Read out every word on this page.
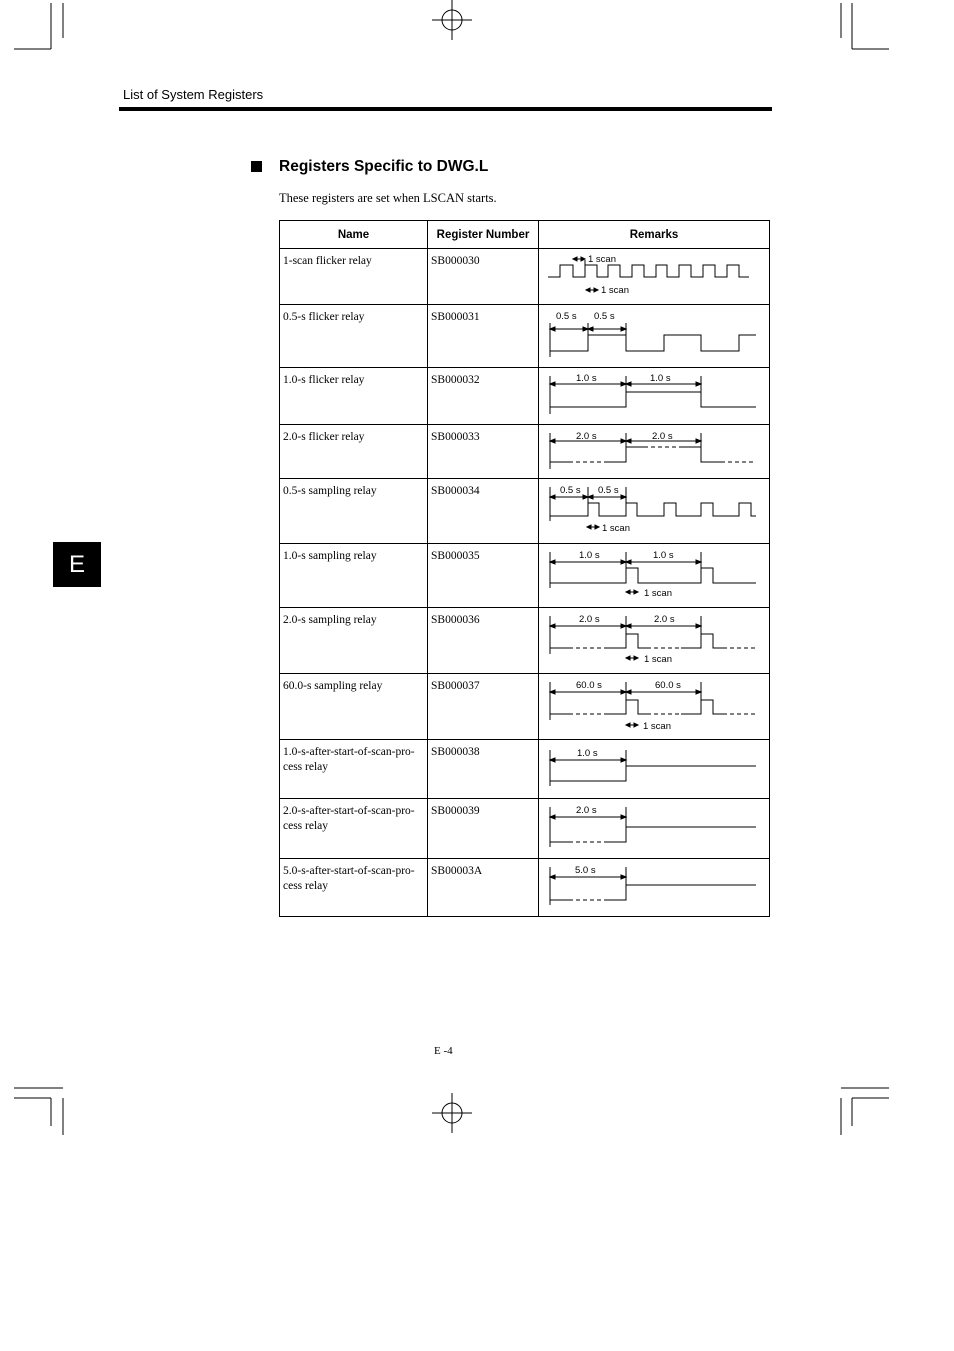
List of System Registers
Registers Specific to DWG.L
These registers are set when LSCAN starts.
E
Name	Register Number	Remarks
1-scan flicker relay	SB000030	1 scan
1 scan

0.5-s flicker relay	SB000031	0.5 s 0.5 s

1.0-s flicker relay	SB000032	1.0 s 1.0 s

2.0-s flicker relay	SB000033	2.0 s 2.0 s

0.5-s sampling relay	SB000034	0.5 s 0.5 s
1 scan

1.0-s sampling relay	SB000035	1.0 s 1.0 s
1 scan

2.0-s sampling relay	SB000036	2.0 s 2.0 s
1 scan

60.0-s sampling relay	SB000037	60.0 s 60.0 s
1 scan

1.0-s-after-start-of-scan-pro-cess relay	SB000038	1.0 s

2.0-s-after-start-of-scan-pro-cess relay	SB000039	2.0 s

5.0-s-after-start-of-scan-pro-cess relay	SB00003A	5.0 s
E -4
